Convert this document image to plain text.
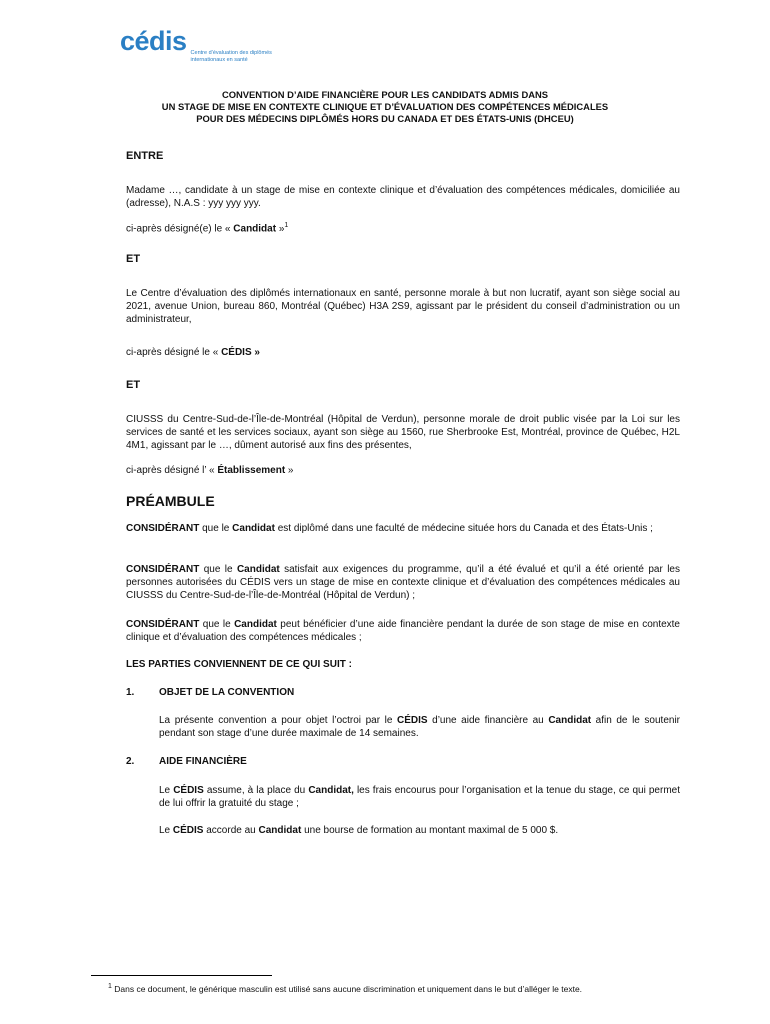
cédis Centre d’évaluation des diplômés
internationaux en santé
CONVENTION D’AIDE FINANCIÈRE POUR LES CANDIDATS ADMIS DANS
UN STAGE DE MISE EN CONTEXTE CLINIQUE ET D’ÉVALUATION DES COMPÉTENCES MÉDICALES
POUR DES MÉDECINS DIPLÔMÉS HORS DU CANADA ET DES ÉTATS-UNIS (DHCEU)
ENTRE
Madame …, candidate à un stage de mise en contexte clinique et d’évaluation des compétences médicales, domiciliée au (adresse), N.A.S : yyy yyy yyy.
ci-après désigné(e) le « Candidat »$^1$
ET
Le Centre d’évaluation des diplômés internationaux en santé, personne morale à but non lucratif, ayant son siège social au 2021, avenue Union, bureau 860, Montréal (Québec) H3A 2S9, agissant par le président du conseil d’administration ou un administrateur,
ci-après désigné le « CÉDIS »
ET
CIUSSS du Centre-Sud-de-l’Île-de-Montréal (Hôpital de Verdun), personne morale de droit public visée par la Loi sur les services de santé et les services sociaux, ayant son siège au 1560, rue Sherbrooke Est, Montréal, province de Québec, H2L 4M1, agissant par le …, dûment autorisé aux fins des présentes,
ci-après désigné l’ « Établissement »
PRÉAMBULE
CONSIDÉRANT que le Candidat est diplômé dans une faculté de médecine située hors du Canada et des États-Unis ;
CONSIDÉRANT que le Candidat satisfait aux exigences du programme, qu’il a été évalué et qu’il a été orienté par les personnes autorisées du CÉDIS vers un stage de mise en contexte clinique et d’évaluation des compétences médicales au CIUSSS du Centre-Sud-de-l’Île-de-Montréal (Hôpital de Verdun) ;
CONSIDÉRANT que le Candidat peut bénéficier d’une aide financière pendant la durée de son stage de mise en contexte clinique et d’évaluation des compétences médicales ;
LES PARTIES CONVIENNENT DE CE QUI SUIT :
1. OBJET DE LA CONVENTION
La présente convention a pour objet l’octroi par le CÉDIS d’une aide financière au Candidat afin de le soutenir pendant son stage d’une durée maximale de 14 semaines.
2. AIDE FINANCIÈRE
Le CÉDIS assume, à la place du Candidat, les frais encourus pour l’organisation et la tenue du stage, ce qui permet de lui offrir la gratuité du stage ;
Le CÉDIS accorde au Candidat une bourse de formation au montant maximal de 5 000 $.
$^1$ Dans ce document, le générique masculin est utilisé sans aucune discrimination et uniquement dans le but d’alléger le texte.
